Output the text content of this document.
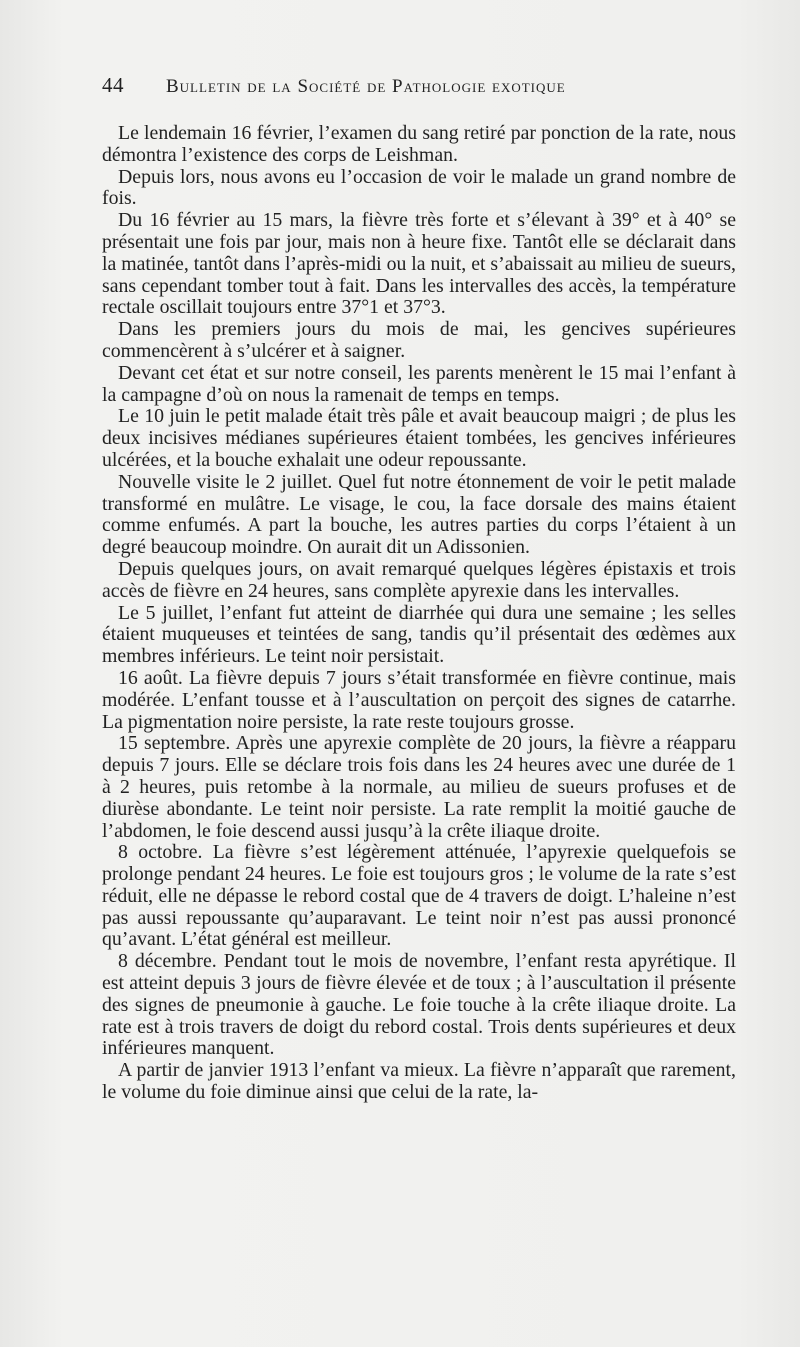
44	Bulletin de la Société de Pathologie exotique

Le lendemain 16 février, l’examen du sang retiré par ponction de la rate, nous démontra l’existence des corps de Leishman.

Depuis lors, nous avons eu l’occasion de voir le malade un grand nombre de fois.

Du 16 février au 15 mars, la fièvre très forte et s’élevant à 39° et à 40° se présentait une fois par jour, mais non à heure fixe. Tantôt elle se déclarait dans la matinée, tantôt dans l’après-midi ou la nuit, et s’abaissait au milieu de sueurs, sans cependant tomber tout à fait. Dans les intervalles des accès, la température rectale oscillait toujours entre 37°1 et 37°3.

Dans les premiers jours du mois de mai, les gencives supérieures commencèrent à s’ulcérer et à saigner.

Devant cet état et sur notre conseil, les parents menèrent le 15 mai l’enfant à la campagne d’où on nous la ramenait de temps en temps.

Le 10 juin le petit malade était très pâle et avait beaucoup maigri ; de plus les deux incisives médianes supérieures étaient tombées, les gencives inférieures ulcérées, et la bouche exhalait une odeur repoussante.

Nouvelle visite le 2 juillet. Quel fut notre étonnement de voir le petit malade transformé en mulâtre. Le visage, le cou, la face dorsale des mains étaient comme enfumés. A part la bouche, les autres parties du corps l’étaient à un degré beaucoup moindre. On aurait dit un Adissonien.

Depuis quelques jours, on avait remarqué quelques légères épistaxis et trois accès de fièvre en 24 heures, sans complète apyrexie dans les intervalles.

Le 5 juillet, l’enfant fut atteint de diarrhée qui dura une semaine ; les selles étaient muqueuses et teintées de sang, tandis qu’il présentait des œdèmes aux membres inférieurs. Le teint noir persistait.

16 août. La fièvre depuis 7 jours s’était transformée en fièvre continue, mais modérée. L’enfant tousse et à l’auscultation on perçoit des signes de catarrhe. La pigmentation noire persiste, la rate reste toujours grosse.

15 septembre. Après une apyrexie complète de 20 jours, la fièvre a réapparu depuis 7 jours. Elle se déclare trois fois dans les 24 heures avec une durée de 1 à 2 heures, puis retombe à la normale, au milieu de sueurs profuses et de diurèse abondante. Le teint noir persiste. La rate remplit la moitié gauche de l’abdomen, le foie descend aussi jusqu’à la crête iliaque droite.

8 octobre. La fièvre s’est légèrement atténuée, l’apyrexie quelquefois se prolonge pendant 24 heures. Le foie est toujours gros ; le volume de la rate s’est réduit, elle ne dépasse le rebord costal que de 4 travers de doigt. L’haleine n’est pas aussi repoussante qu’auparavant. Le teint noir n’est pas aussi prononcé qu’avant. L’état général est meilleur.

8 décembre. Pendant tout le mois de novembre, l’enfant resta apyrétique. Il est atteint depuis 3 jours de fièvre élevée et de toux ; à l’auscultation il présente des signes de pneumonie à gauche. Le foie touche à la crête iliaque droite. La rate est à trois travers de doigt du rebord costal. Trois dents supérieures et deux inférieures manquent.

A partir de janvier 1913 l’enfant va mieux. La fièvre n’apparaît que rarement, le volume du foie diminue ainsi que celui de la rate, la-
